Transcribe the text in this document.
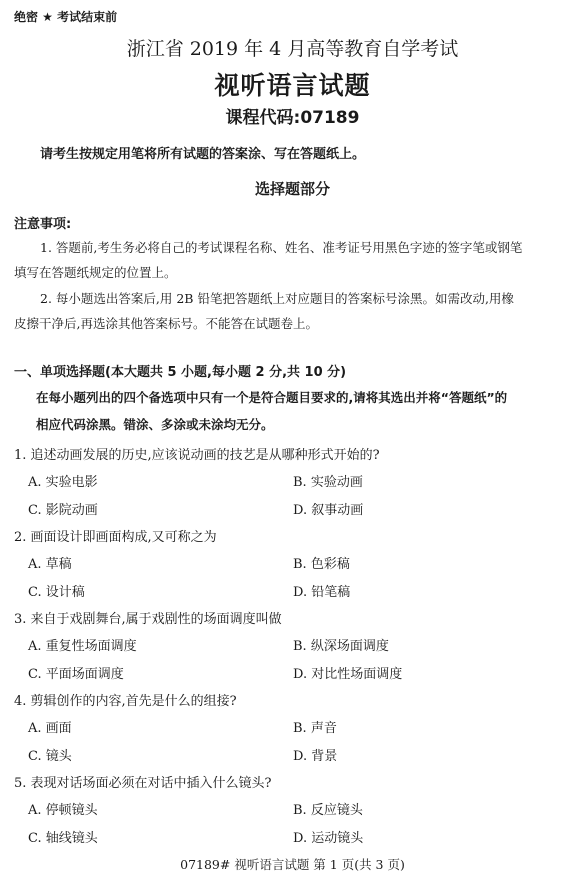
绝密 ★ 考试结束前
浙江省 2019 年 4 月高等教育自学考试
视听语言试题
课程代码:07189
请考生按规定用笔将所有试题的答案涂、写在答题纸上。
选择题部分
注意事项:
1. 答题前,考生务必将自己的考试课程名称、姓名、准考证号用黑色字迹的签字笔或钢笔
填写在答题纸规定的位置上。
2. 每小题选出答案后,用 2B 铅笔把答题纸上对应题目的答案标号涂黑。如需改动,用橡
皮擦干净后,再选涂其他答案标号。不能答在试题卷上。
一、单项选择题(本大题共 5 小题,每小题 2 分,共 10 分)
在每小题列出的四个备选项中只有一个是符合题目要求的,请将其选出并将“答题纸”的
相应代码涂黑。错涂、多涂或未涂均无分。
1. 追述动画发展的历史,应该说动画的技艺是从哪种形式开始的?
A. 实验电影	B. 实验动画
C. 影院动画	D. 叙事动画
2. 画面设计即画面构成,又可称之为
A. 草稿	B. 色彩稿
C. 设计稿	D. 铅笔稿
3. 来自于戏剧舞台,属于戏剧性的场面调度叫做
A. 重复性场面调度	B. 纵深场面调度
C. 平面场面调度	D. 对比性场面调度
4. 剪辑创作的内容,首先是什么的组接?
A. 画面	B. 声音
C. 镜头	D. 背景
5. 表现对话场面必须在对话中插入什么镜头?
A. 停顿镜头	B. 反应镜头
C. 轴线镜头	D. 运动镜头
07189# 视听语言试题 第 1 页(共 3 页)
